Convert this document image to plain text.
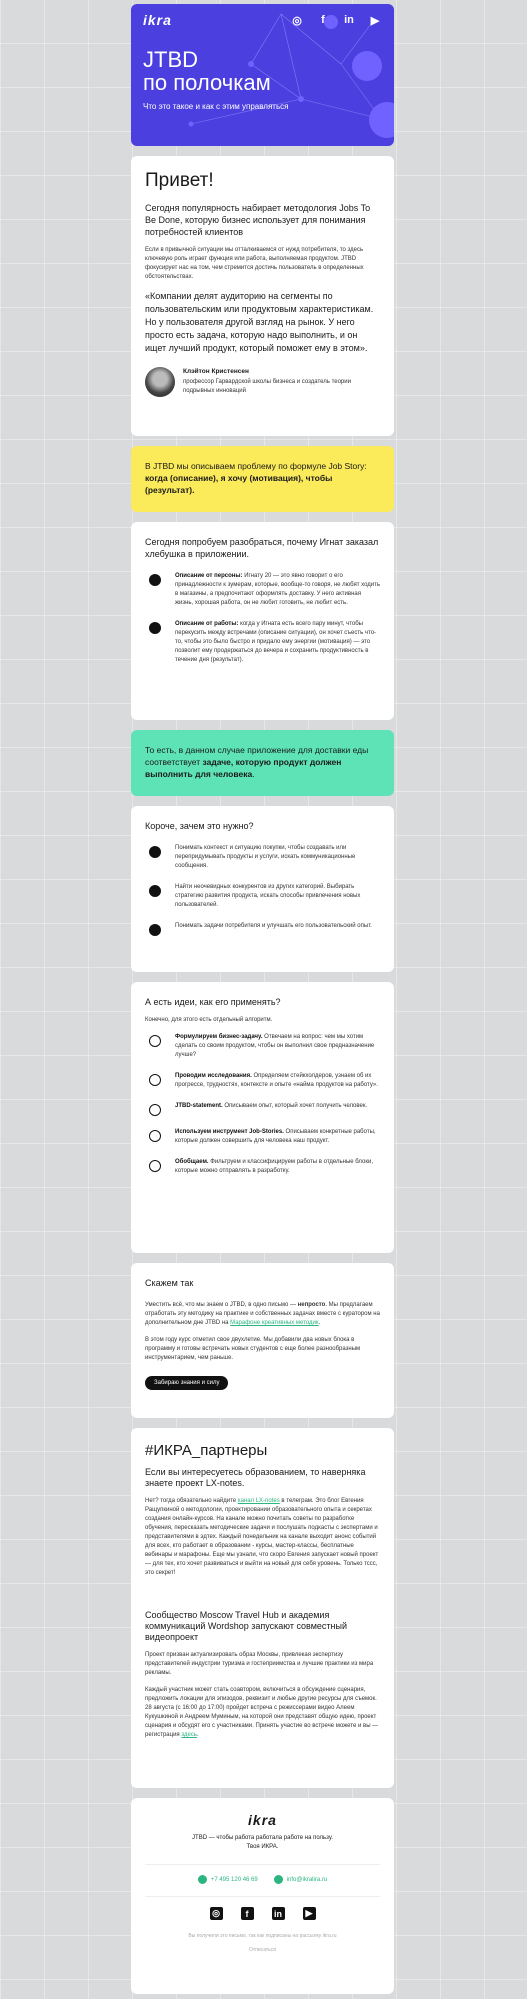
ikra	◎	f	in ▶
JTBD
по полочкам
Что это такое и как с этим управляться
Привет!

Сегодня популярность набирает методология Jobs To Be Done, которую бизнес использует для понимания потребностей клиентов

Если в привычной ситуации мы отталкиваемся от нужд потребителя, то здесь ключевую роль играет функция или работа, выполняемая продуктом. JTBD фокусирует нас на том, чем стремится достичь пользователь в определенных обстоятельствах.

«Компании делят аудиторию на сегменты по пользовательским или продуктовым характеристикам. Но у пользователя другой взгляд на рынок. У него просто есть задача, которую надо выполнить, и он ищет лучший продукт, который поможет ему в этом».

Клэйтон Кристенсен
профессор Гарвардской школы бизнеса и создатель теории подрывных инноваций
В JTBD мы описываем проблему по формуле Job Story: когда (описание), я хочу (мотивация), чтобы (результат).

Сегодня попробуем разобраться, почему Игнат заказал хлебушка в приложении.

Описание от персоны: Игнату 20 — это явно говорит о его принадлежности к зумерам, которые, вообще-то говоря, не любят ходить в магазины, а предпочитают оформлять доставку. У него активная жизнь, хорошая работа, он не любит готовить, не любит есть.

Описание от работы: когда у Игната есть всего пару минут, чтобы перекусить между встречами (описание ситуации), он хочет съесть что-то, чтобы это было быстро и придало ему энергии (мотивация) — это позволит ему продержаться до вечера и сохранить продуктивность в течение дня (результат).

То есть, в данном случае приложение для доставки еды соответствует задаче, которую продукт должен выполнить для человека.

Короче, зачем это нужно?

Понимать контекст и ситуацию покупки, чтобы создавать или перепридумывать продукты и услуги, искать коммуникационные сообщения.

Найти неочевидных конкурентов из других категорий. Выбирать стратегию развития продукта, искать способы привлечения новых пользователей.

Понимать задачи потребителя и улучшать его пользовательский опыт.

А есть идеи, как его применять?

Конечно, для этого есть отдельный алгоритм.

Формулируем бизнес-задачу. Отвечаем на вопрос: чем мы хотим сделать со своим продуктом, чтобы он выполнил свое предназначение лучше?

Проводим исследования. Определяем стейкхолдеров, узнаем об их прогрессе, трудностях, контексте и опыте «найма продуктов на работу».

JTBD-statement. Описываем опыт, который хочет получить человек.

Используем инструмент Job-Stories. Описываем конкретные работы, которые должен совершить для человека наш продукт.

Обобщаем. Фильтруем и классифицируем работы в отдельные блоки, которые можно отправлять в разработку.

Скажем так

Уместить всё, что мы знаем о JTBD, в одно письмо — непросто. Мы предлагаем отработать эту методику на практике и собственных задачах вместе с куратором на дополнительном дне JTBD на Марафоне креативных методик.

В этом году курс отметил свое двухлетие. Мы добавили два новых блока в программу и готовы встречать новых студентов с еще более разнообразным инструментарием, чем раньше.

Забираю знания и силу

#ИКРА_партнеры

Если вы интересуетесь образованием, то наверняка знаете проект LX-notes.

Нет? тогда обязательно найдите канал LX-notes в телеграм. Это блог Евгения Ращупкиной о методологии, проектировании образовательного опыта и секретах создания онлайн-курсов. На канале можно почитать советы по разработке обучения, пересказать методические задачи и послушать подкасты с экспертами и представителями в эдтех. Каждый понедельник на канале выходит анонс событий для всех, кто работает в образовании - курсы, мастер-классы, бесплатные вебинары и марафоны. Еще мы узнали, что скоро Евгения запускает новый проект — для тех, кто хочет развиваться и выйти на новый для себя уровень. Только тссс, это секрет!

Сообщество Moscow Travel Hub и академия коммуникаций Wordshop запускают совместный видеопроект

Проект призван актуализировать образ Москвы, привлекая экспертизу представителей индустрии туризма и гостеприимства и лучшие практики из мира рекламы.

Каждый участник может стать соавтором, включиться в обсуждение сценария, предложить локации для эпизодов, реквизит и любые другие ресурсы для съемок. 28 августа (с 16:00 до 17:00) пройдет встреча с режиссерами видео Алеем Кукушкиной и Андреем Муминым, на которой они представят общую идею, проект сценария и обсудят его с участниками. Принять участие во встрече можете и вы — регистрация здесь.

ikra

JTBD — чтобы работа работала работе на пользу.
Твоя ИКРА.

+7 495 120 46 69	info@ikralira.ru
◎	f	in	▶

Вы получили это письмо, так как подписаны на рассылку ikra.ru

Отписаться
